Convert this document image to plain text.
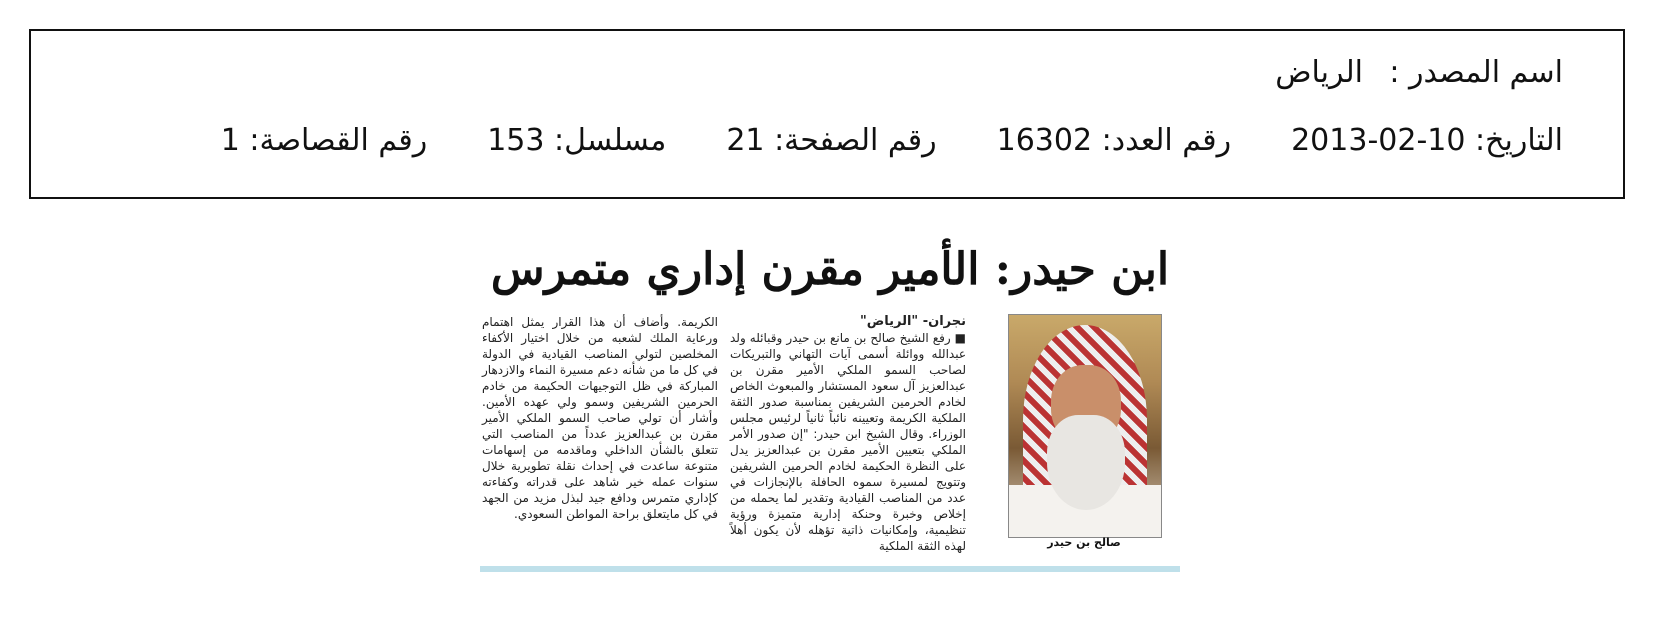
اسم المصدر :
الرياض
التاريخ: 10-02-2013
رقم العدد: 16302
رقم الصفحة: 21
مسلسل: 153
رقم القصاصة: 1
ابن حيدر: الأمير مقرن إداري متمرس
صالح بن حيدر
نجران- "الرياض"
■ رفع الشيخ صالح بن مانع بن حيدر وقبائله ولد عبدالله ووائلة أسمى آيات التهاني والتبريكات لصاحب السمو الملكي الأمير مقرن بن عبدالعزيز آل سعود المستشار والمبعوث الخاص لخادم الحرمين الشريفين بمناسبة صدور الثقة الملكية الكريمة وتعيينه نائباً ثانياً لرئيس مجلس الوزراء. وقال الشيخ ابن حيدر: "إن صدور الأمر الملكي بتعيين الأمير مقرن بن عبدالعزيز يدل على النظرة الحكيمة لخادم الحرمين الشريفين وتتويج لمسيرة سموه الحافلة بالإنجازات في عدد من المناصب القيادية وتقدير لما يحمله من إخلاص وخبرة وحنكة إدارية متميزة ورؤية تنظيمية، وإمكانيات ذاتية تؤهله لأن يكون أهلاً لهذه الثقة الملكية
الكريمة. وأضاف أن هذا القرار يمثل اهتمام ورعاية الملك لشعبه من خلال اختيار الأكفاء المخلصين لتولي المناصب القيادية في الدولة في كل ما من شأنه دعم مسيرة النماء والازدهار المباركة في ظل التوجيهات الحكيمة من خادم الحرمين الشريفين وسمو ولي عهده الأمين. وأشار أن تولي صاحب السمو الملكي الأمير مقرن بن عبدالعزيز عدداً من المناصب التي تتعلق بالشأن الداخلي وماقدمه من إسهامات متنوعة ساعدت في إحداث نقلة تطويرية خلال سنوات عمله خير شاهد على قدراته وكفاءته كإداري متمرس ودافع جيد لبذل مزيد من الجهد في كل مايتعلق براحة المواطن السعودي.
